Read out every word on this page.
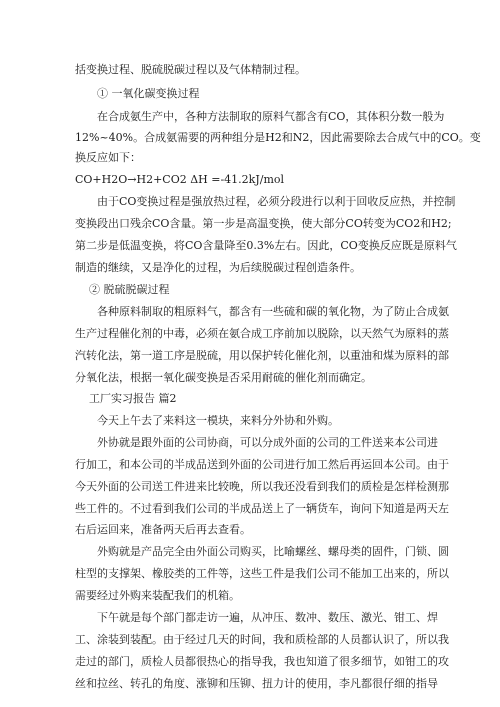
括变换过程、脱硫脱碳过程以及气体精制过程。

① 一氧化碳变换过程

在合成氨生产中，各种方法制取的原料气都含有CO，其体积分数一般为

12%~40%。合成氨需要的两种组分是H2和N2，因此需要除去合成气中的CO。变

换反应如下：

CO+H2O→H2+CO2 ΔH =-41.2kJ/mol

由于CO变换过程是强放热过程，必须分段进行以利于回收反应热，并控制

变换段出口残余CO含量。第一步是高温变换，使大部分CO转变为CO2和H2;

第二步是低温变换，将CO含量降至0.3%左右。因此，CO变换反应既是原料气

制造的继续，又是净化的过程，为后续脱碳过程创造条件。

② 脱硫脱碳过程

各种原料制取的粗原料气，都含有一些硫和碳的氧化物，为了防止合成氨

生产过程催化剂的中毒，必须在氨合成工序前加以脱除，以天然气为原料的蒸

汽转化法，第一道工序是脱硫，用以保护转化催化剂，以重油和煤为原料的部

分氧化法，根据一氧化碳变换是否采用耐硫的催化剂而确定。

工厂实习报告 篇2

今天上午去了来料这一模块，来料分外协和外购。

外协就是跟外面的公司协商，可以分成外面的公司的工件送来本公司进

行加工，和本公司的半成品送到外面的公司进行加工然后再运回本公司。由于

今天外面的公司送工件进来比较晚，所以我还没看到我们的质检是怎样检测那

些工件的。不过看到我们公司的半成品送上了一辆货车，询问下知道是两天左

右后运回来，准备两天后再去查看。

外购就是产品完全由外面公司购买，比喻螺丝、螺母类的固件，门锁、圆

柱型的支撑架、橡胶类的工件等，这些工件是我们公司不能加工出来的，所以

需要经过外购来装配我们的机箱。

下午就是每个部门都走访一遍，从冲压、数冲、数压、激光、钳工、焊

工、涂装到装配。由于经过几天的时间，我和质检部的人员都认识了，所以我

走过的部门，质检人员都很热心的指导我，我也知道了很多细节，如钳工的攻

丝和拉丝、转孔的角度、涨铆和压铆、扭力计的使用，李凡都很仔细的指导
